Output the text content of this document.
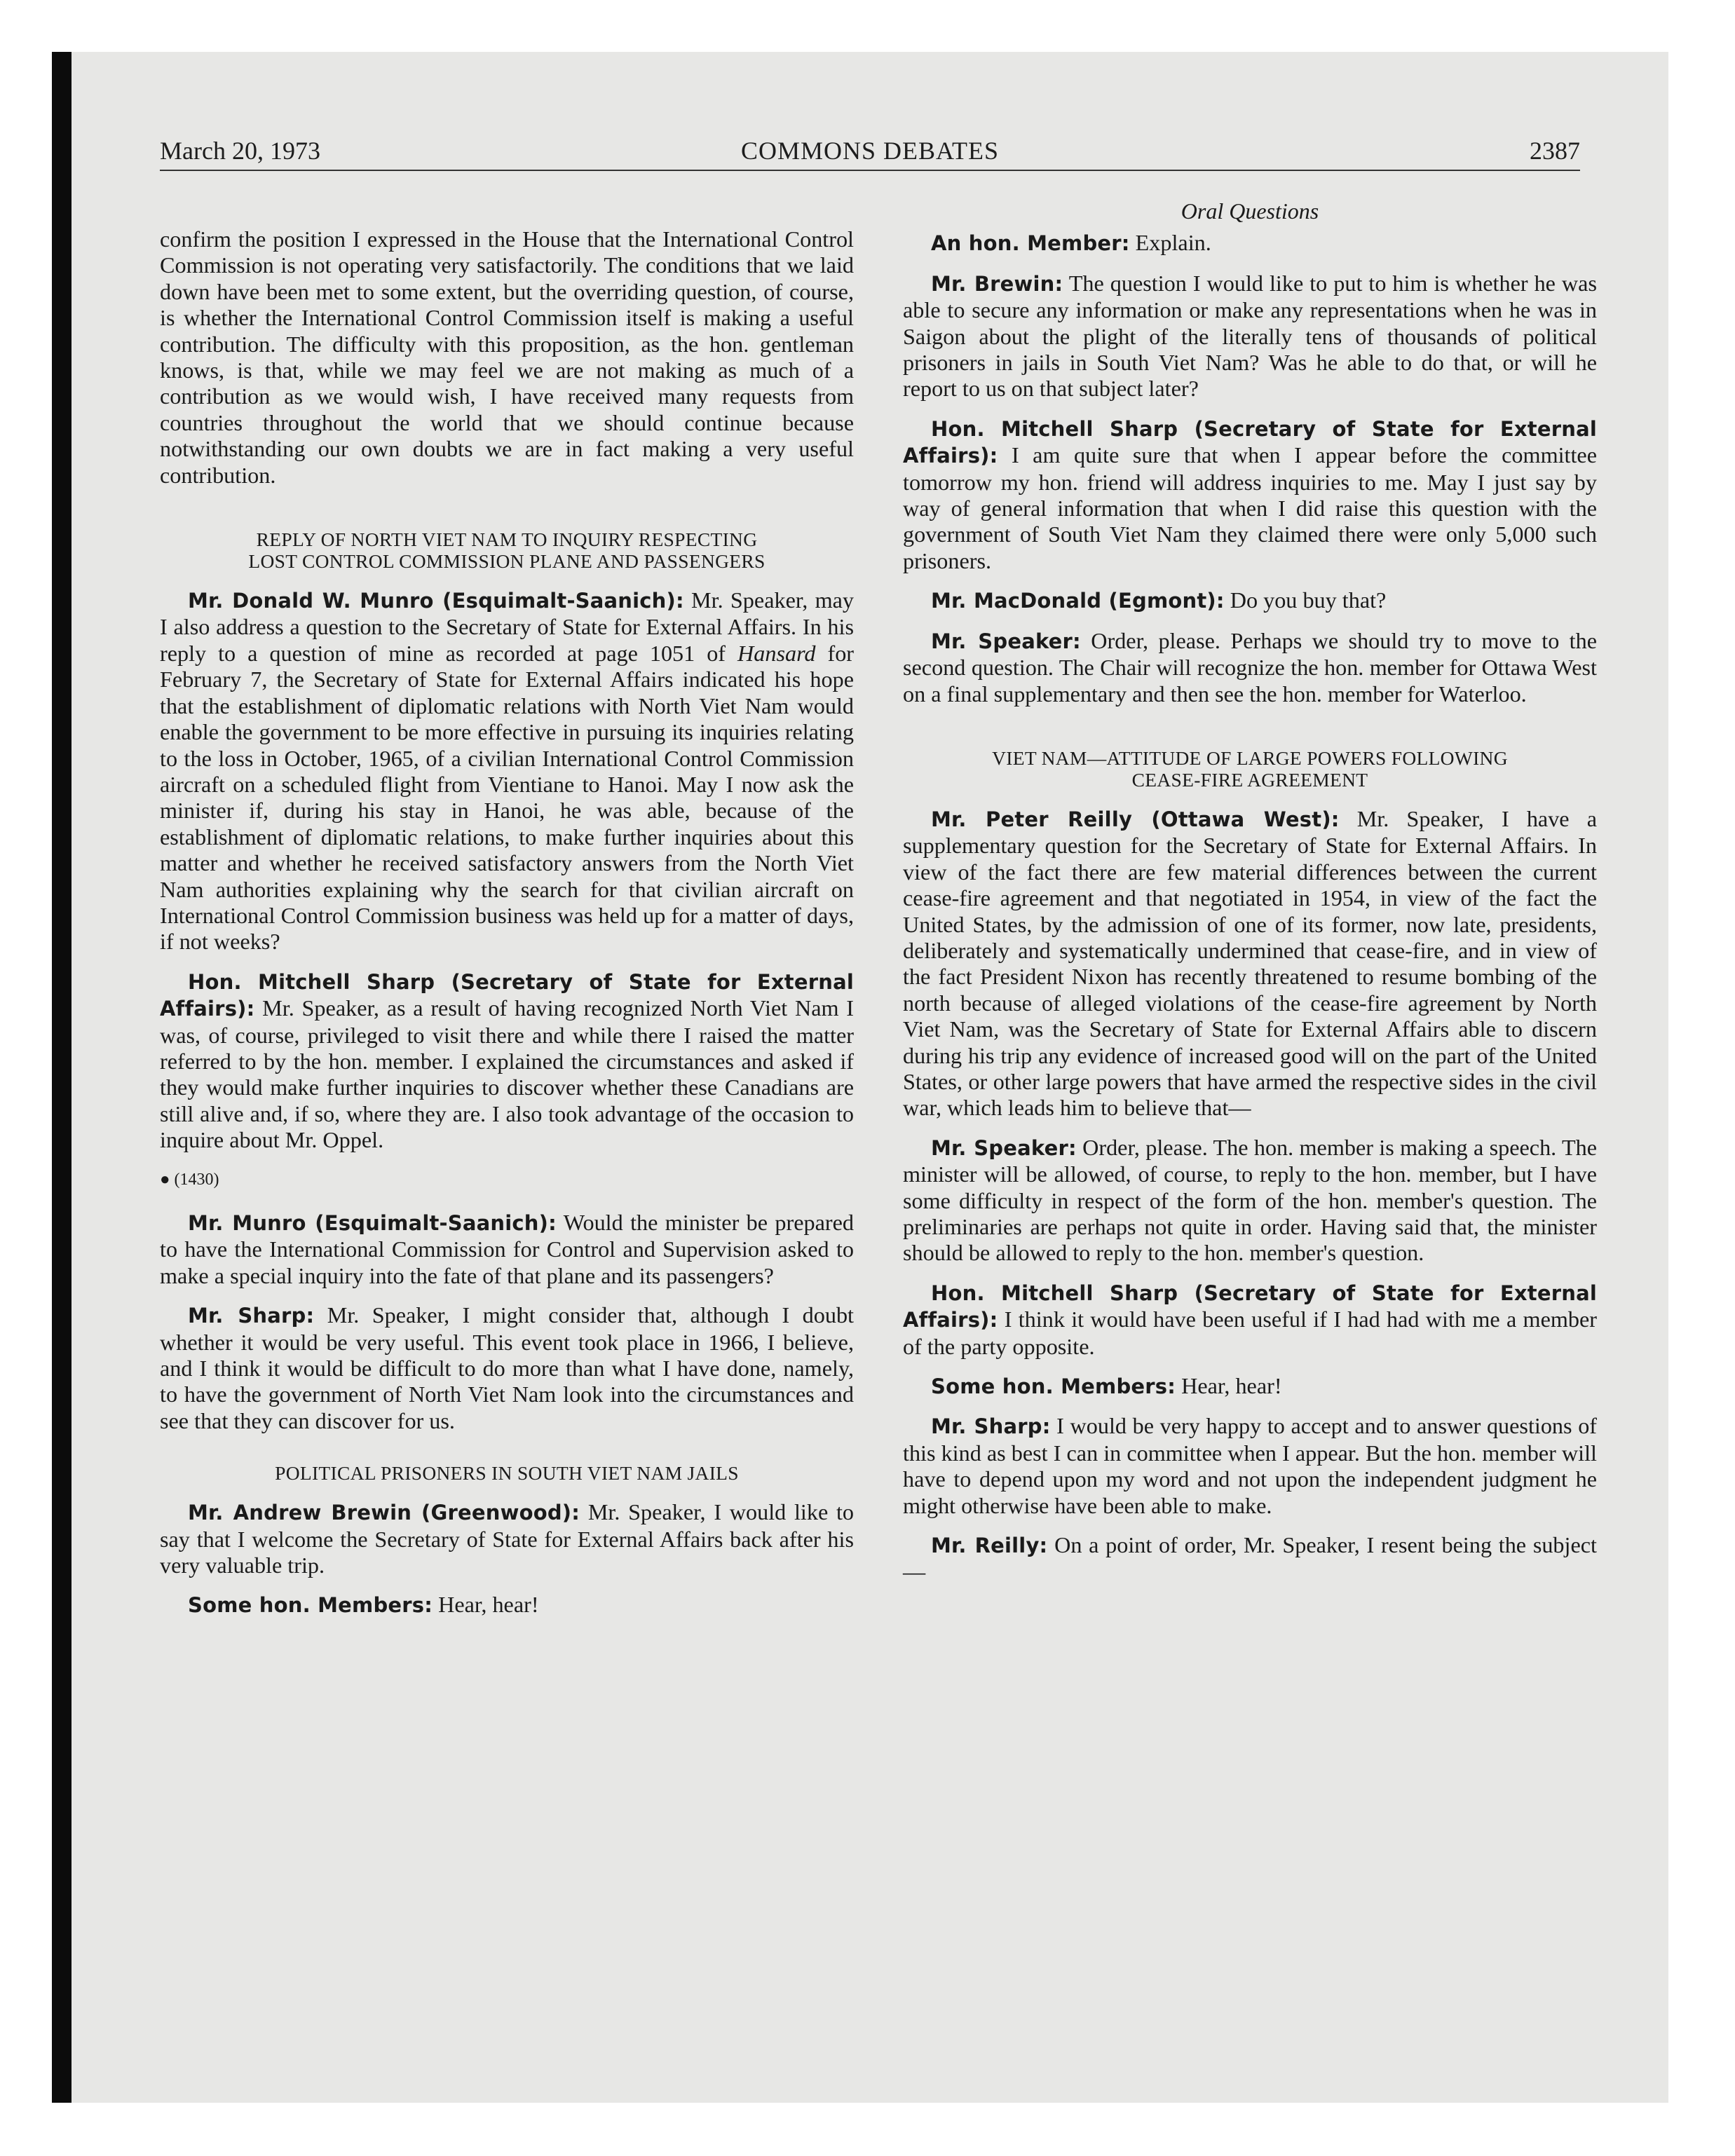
March 20, 1973	COMMONS DEBATES	2387

confirm the position I expressed in the House that the International Control Commission is not operating very satisfactorily. The conditions that we laid down have been met to some extent, but the overriding question, of course, is whether the International Control Commission itself is making a useful contribution. The difficulty with this proposition, as the hon. gentleman knows, is that, while we may feel we are not making as much of a contribution as we would wish, I have received many requests from countries throughout the world that we should continue because notwithstanding our own doubts we are in fact making a very useful contribution.

REPLY OF NORTH VIET NAM TO INQUIRY RESPECTING
LOST CONTROL COMMISSION PLANE AND PASSENGERS

Mr. Donald W. Munro (Esquimalt-Saanich): Mr. Speaker, may I also address a question to the Secretary of State for External Affairs. In his reply to a question of mine as recorded at page 1051 of Hansard for February 7, the Secretary of State for External Affairs indicated his hope that the establishment of diplomatic relations with North Viet Nam would enable the government to be more effective in pursuing its inquiries relating to the loss in October, 1965, of a civilian International Control Commission aircraft on a scheduled flight from Vientiane to Hanoi. May I now ask the minister if, during his stay in Hanoi, he was able, because of the establishment of diplomatic relations, to make further inquiries about this matter and whether he received satisfactory answers from the North Viet Nam authorities explaining why the search for that civilian aircraft on International Control Commission business was held up for a matter of days, if not weeks?

Hon. Mitchell Sharp (Secretary of State for External Affairs): Mr. Speaker, as a result of having recognized North Viet Nam I was, of course, privileged to visit there and while there I raised the matter referred to by the hon. member. I explained the circumstances and asked if they would make further inquiries to discover whether these Canadians are still alive and, if so, where they are. I also took advantage of the occasion to inquire about Mr. Oppel.

● (1430)

Mr. Munro (Esquimalt-Saanich): Would the minister be prepared to have the International Commission for Control and Supervision asked to make a special inquiry into the fate of that plane and its passengers?

Mr. Sharp: Mr. Speaker, I might consider that, although I doubt whether it would be very useful. This event took place in 1966, I believe, and I think it would be difficult to do more than what I have done, namely, to have the government of North Viet Nam look into the circumstances and see that they can discover for us.

POLITICAL PRISONERS IN SOUTH VIET NAM JAILS

Mr. Andrew Brewin (Greenwood): Mr. Speaker, I would like to say that I welcome the Secretary of State for External Affairs back after his very valuable trip.

Some hon. Members: Hear, hear!

Oral Questions

An hon. Member: Explain.

Mr. Brewin: The question I would like to put to him is whether he was able to secure any information or make any representations when he was in Saigon about the plight of the literally tens of thousands of political prisoners in jails in South Viet Nam? Was he able to do that, or will he report to us on that subject later?

Hon. Mitchell Sharp (Secretary of State for External Affairs): I am quite sure that when I appear before the committee tomorrow my hon. friend will address inquiries to me. May I just say by way of general information that when I did raise this question with the government of South Viet Nam they claimed there were only 5,000 such prisoners.

Mr. MacDonald (Egmont): Do you buy that?

Mr. Speaker: Order, please. Perhaps we should try to move to the second question. The Chair will recognize the hon. member for Ottawa West on a final supplementary and then see the hon. member for Waterloo.

VIET NAM—ATTITUDE OF LARGE POWERS FOLLOWING
CEASE-FIRE AGREEMENT

Mr. Peter Reilly (Ottawa West): Mr. Speaker, I have a supplementary question for the Secretary of State for External Affairs. In view of the fact there are few material differences between the current cease-fire agreement and that negotiated in 1954, in view of the fact the United States, by the admission of one of its former, now late, presidents, deliberately and systematically undermined that cease-fire, and in view of the fact President Nixon has recently threatened to resume bombing of the north because of alleged violations of the cease-fire agreement by North Viet Nam, was the Secretary of State for External Affairs able to discern during his trip any evidence of increased good will on the part of the United States, or other large powers that have armed the respective sides in the civil war, which leads him to believe that—

Mr. Speaker: Order, please. The hon. member is making a speech. The minister will be allowed, of course, to reply to the hon. member, but I have some difficulty in respect of the form of the hon. member's question. The preliminaries are perhaps not quite in order. Having said that, the minister should be allowed to reply to the hon. member's question.

Hon. Mitchell Sharp (Secretary of State for External Affairs): I think it would have been useful if I had had with me a member of the party opposite.

Some hon. Members: Hear, hear!

Mr. Sharp: I would be very happy to accept and to answer questions of this kind as best I can in committee when I appear. But the hon. member will have to depend upon my word and not upon the independent judgment he might otherwise have been able to make.

Mr. Reilly: On a point of order, Mr. Speaker, I resent being the subject—
